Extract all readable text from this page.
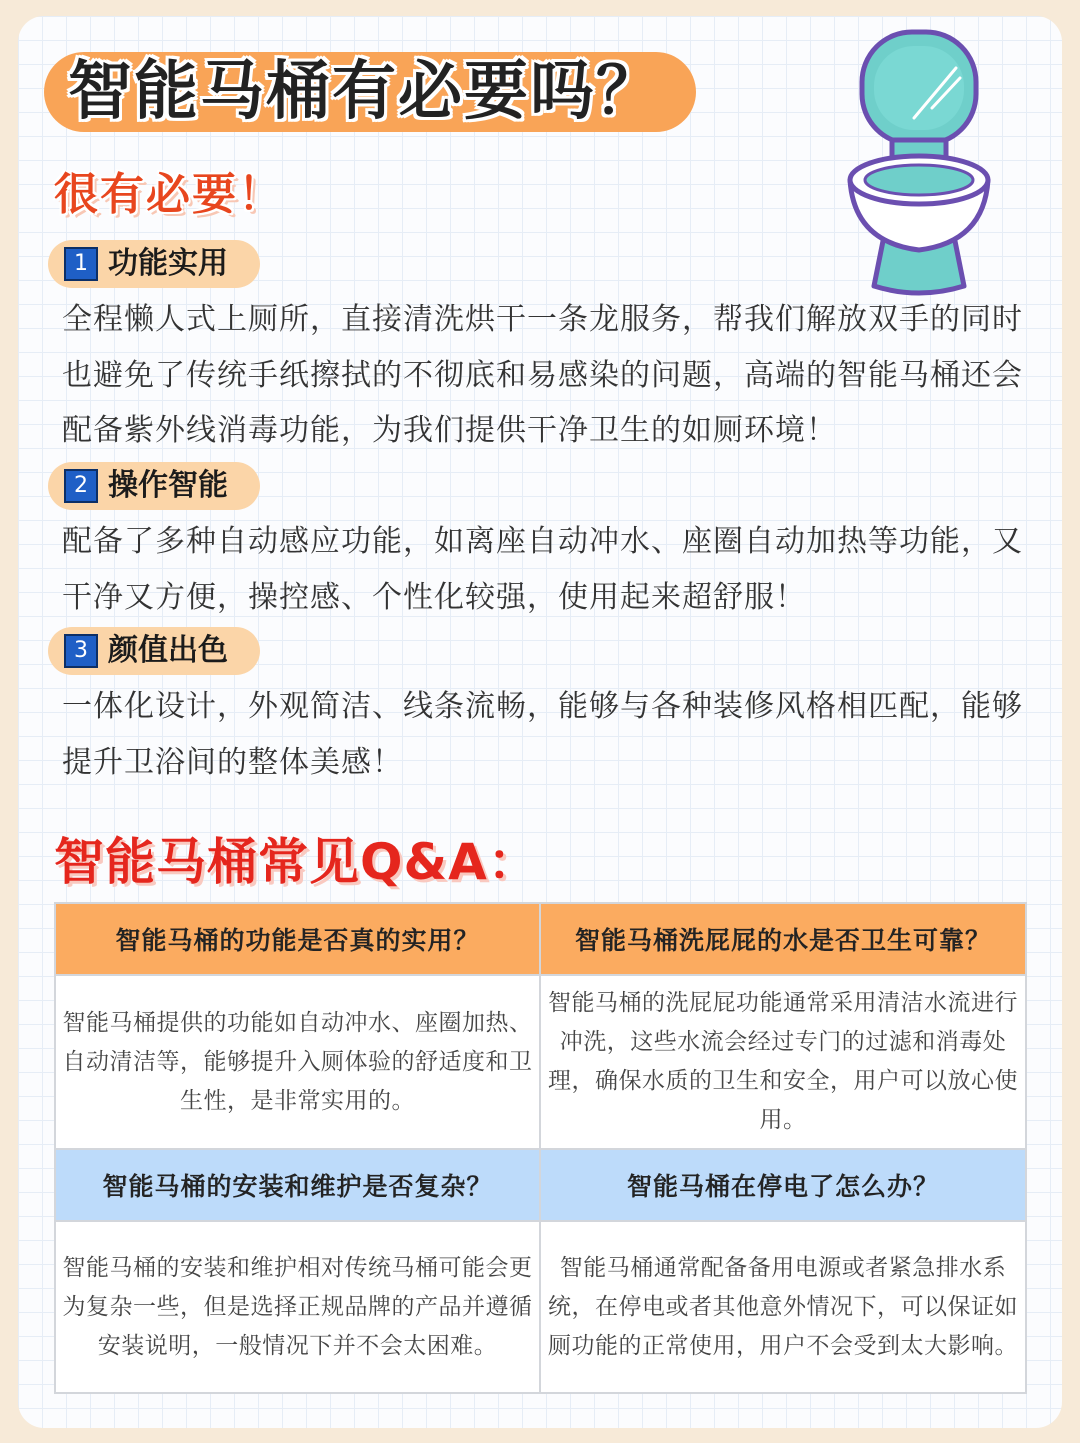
智能马桶有必要吗？
很有必要！
1 功能实用
全程懒人式上厕所，直接清洗烘干一条龙服务，帮我们解放双手的同时也避免了传统手纸擦拭的不彻底和易感染的问题，高端的智能马桶还会配备紫外线消毒功能，为我们提供干净卫生的如厕环境！
2 操作智能
配备了多种自动感应功能，如离座自动冲水、座圈自动加热等功能，又干净又方便，操控感、个性化较强，使用起来超舒服！
3 颜值出色
一体化设计，外观简洁、线条流畅，能够与各种装修风格相匹配，能够提升卫浴间的整体美感！
智能马桶常见Q&A：
智能马桶的功能是否真的实用？	智能马桶洗屁屁的水是否卫生可靠？
智能马桶提供的功能如自动冲水、座圈加热、自动清洁等，能够提升入厕体验的舒适度和卫生性，是非常实用的。	智能马桶的洗屁屁功能通常采用清洁水流进行冲洗，这些水流会经过专门的过滤和消毒处理，确保水质的卫生和安全，用户可以放心使用。
智能马桶的安装和维护是否复杂？	智能马桶在停电了怎么办？
智能马桶的安装和维护相对传统马桶可能会更为复杂一些，但是选择正规品牌的产品并遵循安装说明，一般情况下并不会太困难。	智能马桶通常配备备用电源或者紧急排水系统，在停电或者其他意外情况下，可以保证如厕功能的正常使用，用户不会受到太大影响。
